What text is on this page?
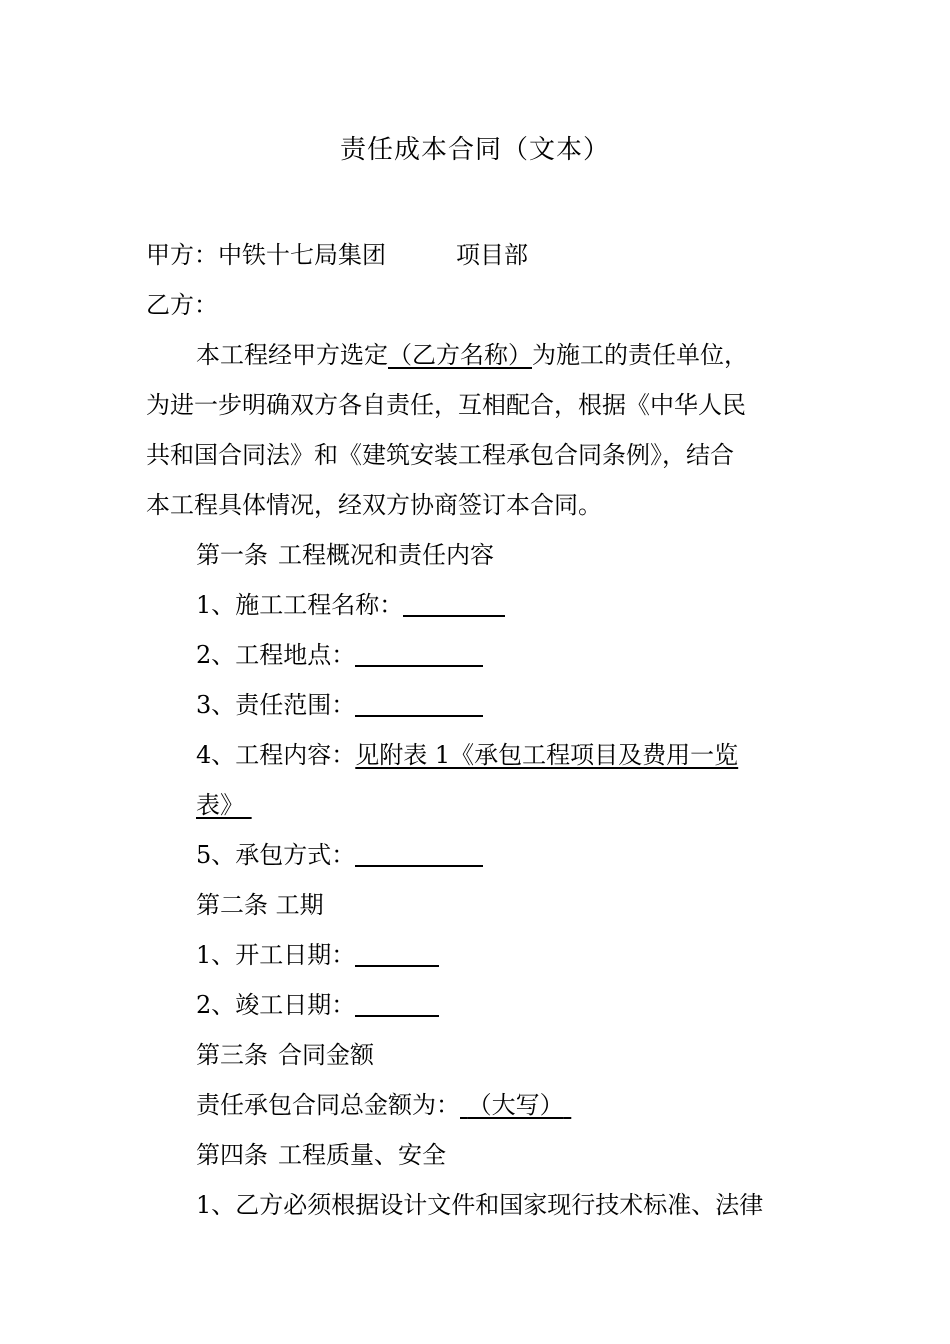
责任成本合同（文本）
甲方：中铁十七局集团	项目部
乙方：
本工程经甲方选定（乙方名称）为施工的责任单位，
为进一步明确双方各自责任，互相配合，根据《中华人民
共和国合同法》和《建筑安装工程承包合同条例》，结合
本工程具体情况，经双方协商签订本合同。
第一条 工程概况和责任内容
1、施工工程名称：
2、工程地点：
3、责任范围：
4、工程内容：见附表 1《承包工程项目及费用一览
表》
5、承包方式：
第二条 工期
1、开工日期：
2、竣工日期：
第三条 合同金额
责任承包合同总金额为： （大写）
第四条 工程质量、安全
1、乙方必须根据设计文件和国家现行技术标准、法律
